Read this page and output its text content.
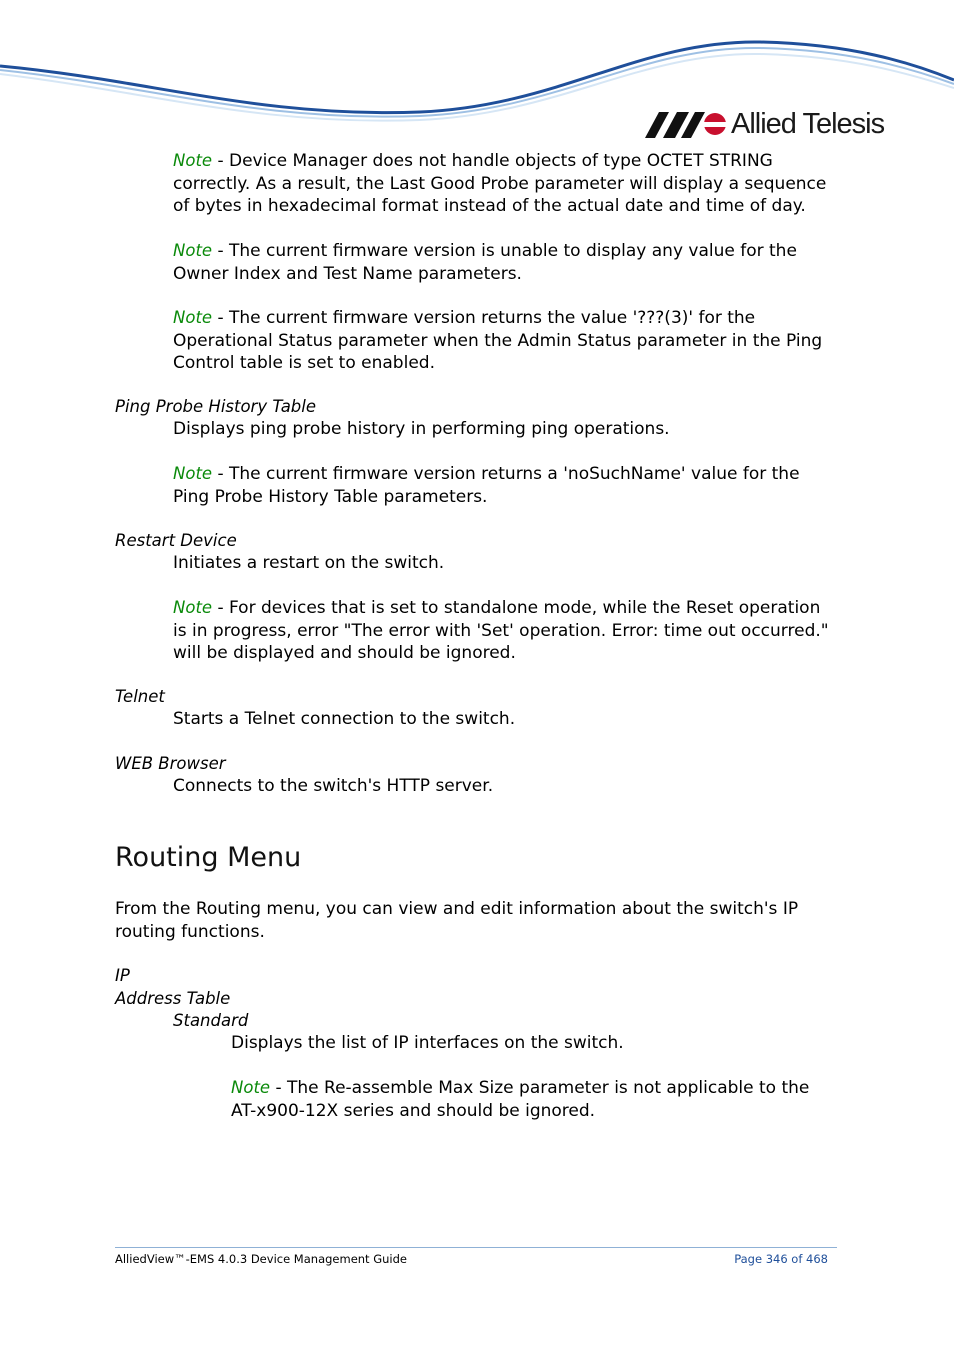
Allied Telesis

Note - Device Manager does not handle objects of type OCTET STRING correctly. As a result, the Last Good Probe parameter will display a sequence of bytes in hexadecimal format instead of the actual date and time of day.

Note - The current firmware version is unable to display any value for the Owner Index and Test Name parameters.

Note - The current firmware version returns the value '???(3)' for the Operational Status parameter when the Admin Status parameter in the Ping Control table is set to enabled.

Ping Probe History Table

Displays ping probe history in performing ping operations.

Note - The current firmware version returns a 'noSuchName' value for the Ping Probe History Table parameters.

Restart Device

Initiates a restart on the switch.

Note - For devices that is set to standalone mode, while the Reset operation is in progress, error "The error with 'Set' operation. Error: time out occurred." will be displayed and should be ignored.

Telnet

Starts a Telnet connection to the switch.

WEB Browser

Connects to the switch's HTTP server.

Routing Menu

From the Routing menu, you can view and edit information about the switch's IP routing functions.

IP
Address Table
Standard

Displays the list of IP interfaces on the switch.

Note - The Re-assemble Max Size parameter is not applicable to the AT-x900-12X series and should be ignored.

AlliedView™-EMS 4.0.3 Device Management Guide	Page 346 of 468
